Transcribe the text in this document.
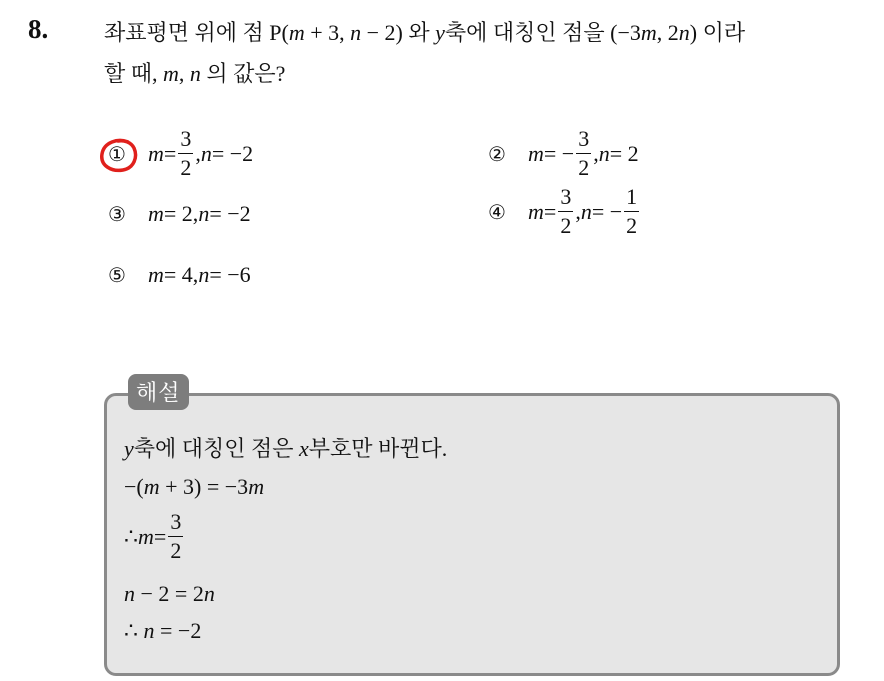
8.	좌표평면 위에 점 P(m + 3, n − 2) 와 y축에 대칭인 점을 (−3m, 2n) 이라
할 때, m, n 의 값은?
①	$m = \frac{3}{2}$ , n = −2	②	m = − $\frac{3}{2}$ , n = 2
③	m = 2, n = −2	④	$m = \frac{3}{2}$ , n = − $\frac{1}{2}$
⑤	m = 4, n = −6
해설
y축에 대칭인 점은 x부호만 바뀐다.
−(m + 3) = −3m
∴ $m = \frac{3}{2}$
n − 2 = 2n
∴ n = −2
